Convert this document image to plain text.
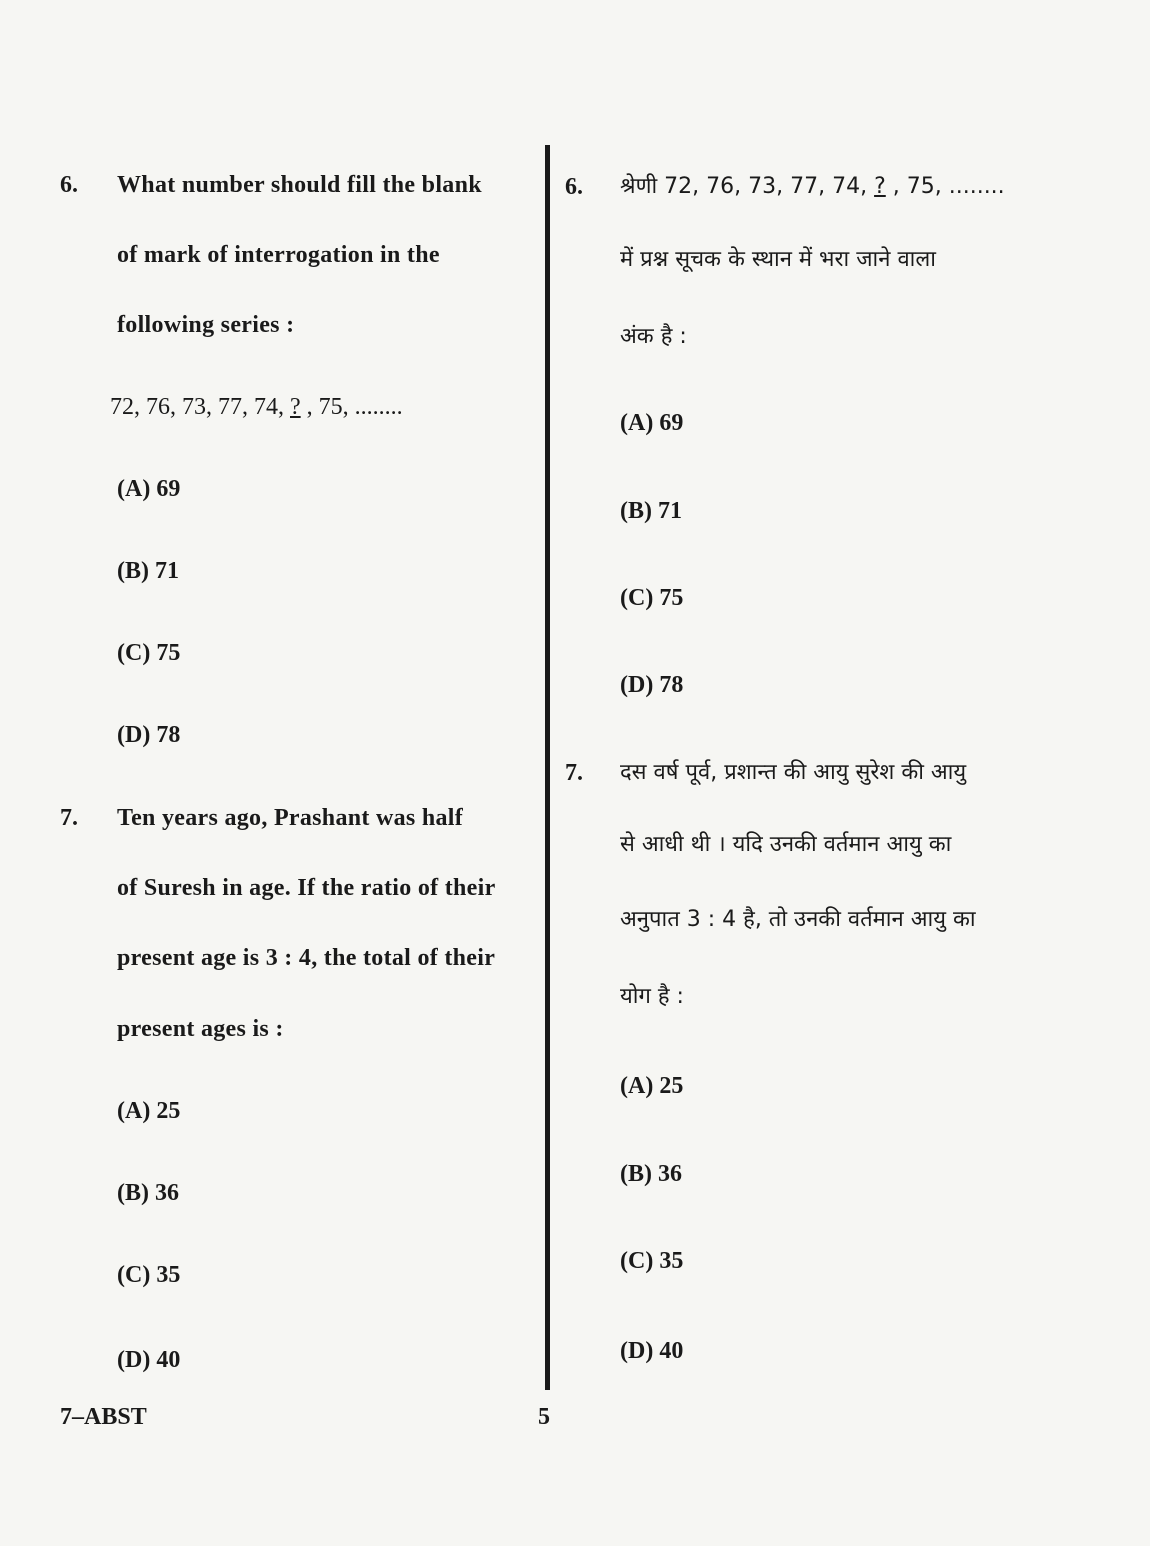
6. What number should fill the blank
of mark of interrogation in the
following series :
72, 76, 73, 77, 74, ? , 75, ........
(A) 69
(B) 71
(C) 75
(D) 78
7. Ten years ago, Prashant was half
of Suresh in age. If the ratio of their
present age is 3 : 4, the total of their
present ages is :
(A) 25
(B) 36
(C) 35
(D) 40
6. श्रेणी 72, 76, 73, 77, 74, ? , 75, ........
में प्रश्न सूचक के स्थान में भरा जाने वाला
अंक है :
(A) 69
(B) 71
(C) 75
(D) 78
7. दस वर्ष पूर्व, प्रशान्त की आयु सुरेश की आयु
से आधी थी । यदि उनकी वर्तमान आयु का
अनुपात 3 : 4 है, तो उनकी वर्तमान आयु का
योग है :
(A) 25
(B) 36
(C) 35
(D) 40
7–ABST	5
